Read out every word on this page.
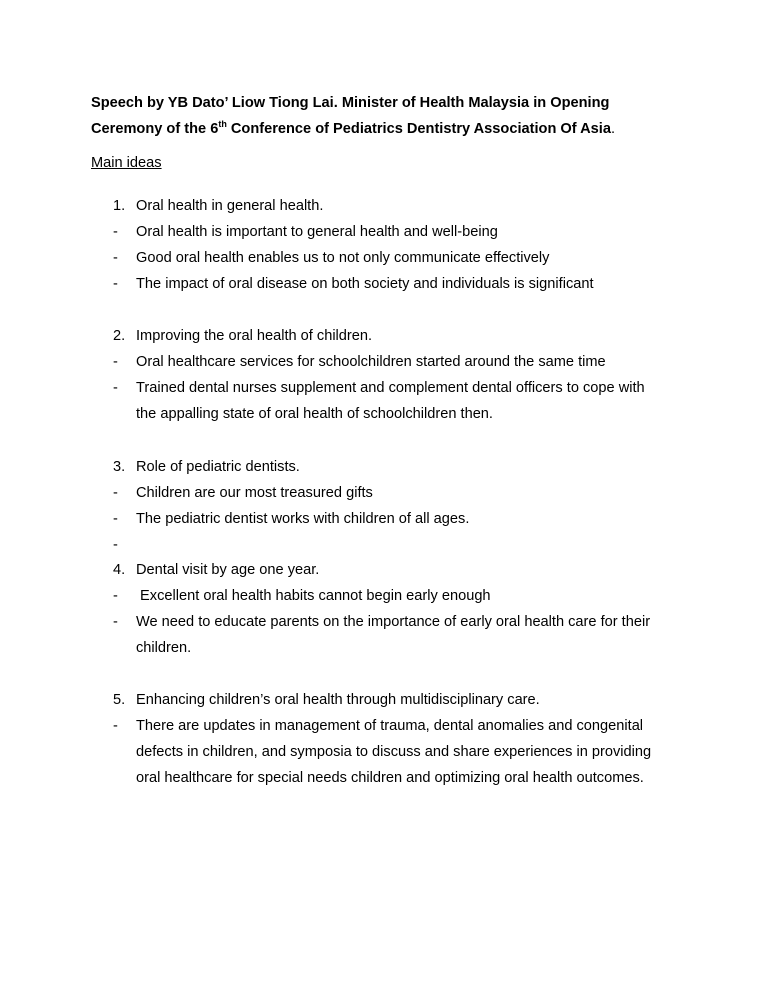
Speech by YB Dato’ Liow Tiong Lai. Minister of Health Malaysia in Opening
Ceremony of the 6th Conference of Pediatrics Dentistry Association Of Asia.

Main ideas

1. Oral health in general health.
- Oral health is important to general health and well-being
- Good oral health enables us to not only communicate effectively
- The impact of oral disease on both society and individuals is significant
2. Improving the oral health of children.
- Oral healthcare services for schoolchildren started around the same time
- Trained dental nurses supplement and complement dental officers to cope with
the appalling state of oral health of schoolchildren then.
3. Role of pediatric dentists.
- Children are our most treasured gifts
- The pediatric dentist works with children of all ages.
-
4. Dental visit by age one year.
- Excellent oral health habits cannot begin early enough
- We need to educate parents on the importance of early oral health care for their
children.
5. Enhancing children’s oral health through multidisciplinary care.
- There are updates in management of trauma, dental anomalies and congenital
defects in children, and symposia to discuss and share experiences in providing
oral healthcare for special needs children and optimizing oral health outcomes.
